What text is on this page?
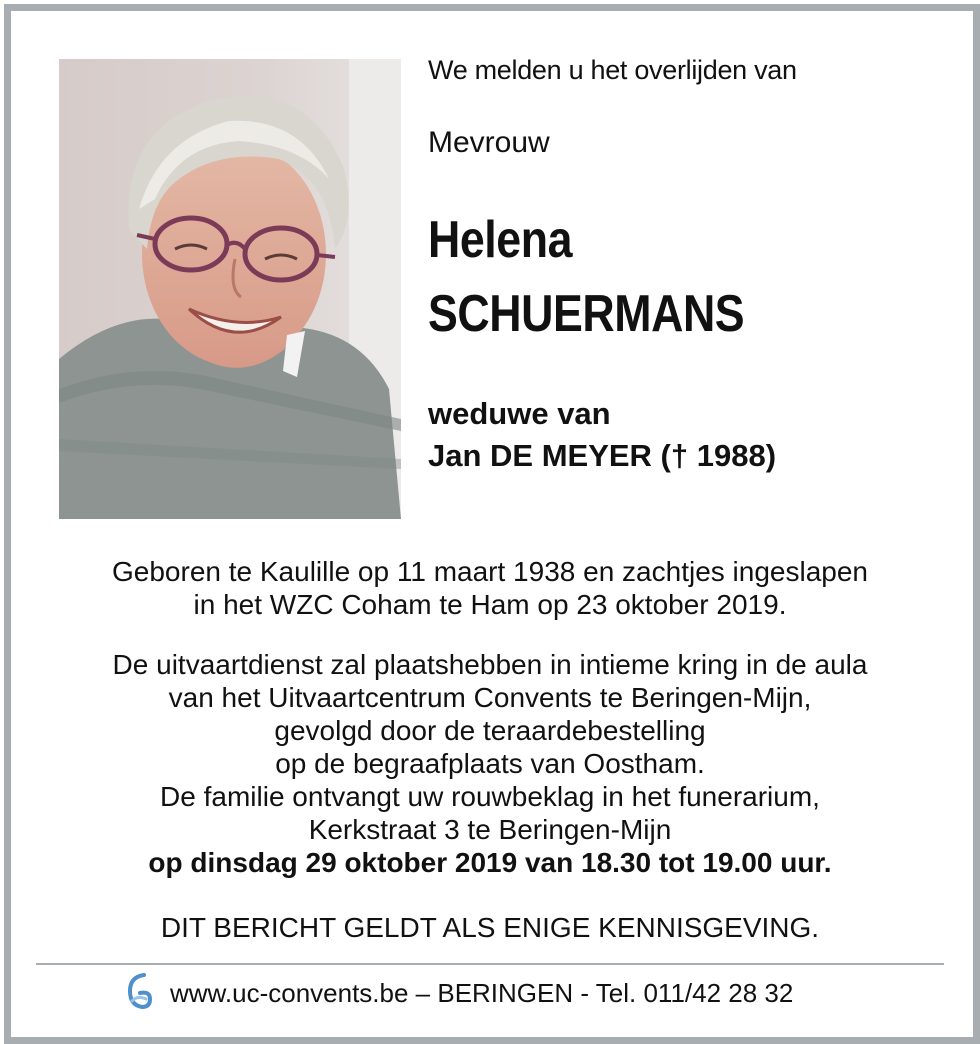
We melden u het overlijden van
Mevrouw
Helena
SCHUERMANS
weduwe van
Jan DE MEYER († 1988)
Geboren te Kaulille op 11 maart 1938 en zachtjes ingeslapen
in het WZC Coham te Ham op 23 oktober 2019.
De uitvaartdienst zal plaatshebben in intieme kring in de aula
van het Uitvaartcentrum Convents te Beringen-Mijn,
gevolgd door de teraardebestelling
op de begraafplaats van Oostham.
De familie ontvangt uw rouwbeklag in het funerarium,
Kerkstraat 3 te Beringen-Mijn
op dinsdag 29 oktober 2019 van 18.30 tot 19.00 uur.
DIT BERICHT GELDT ALS ENIGE KENNISGEVING.
www.uc-convents.be – BERINGEN - Tel. 011/42 28 32
